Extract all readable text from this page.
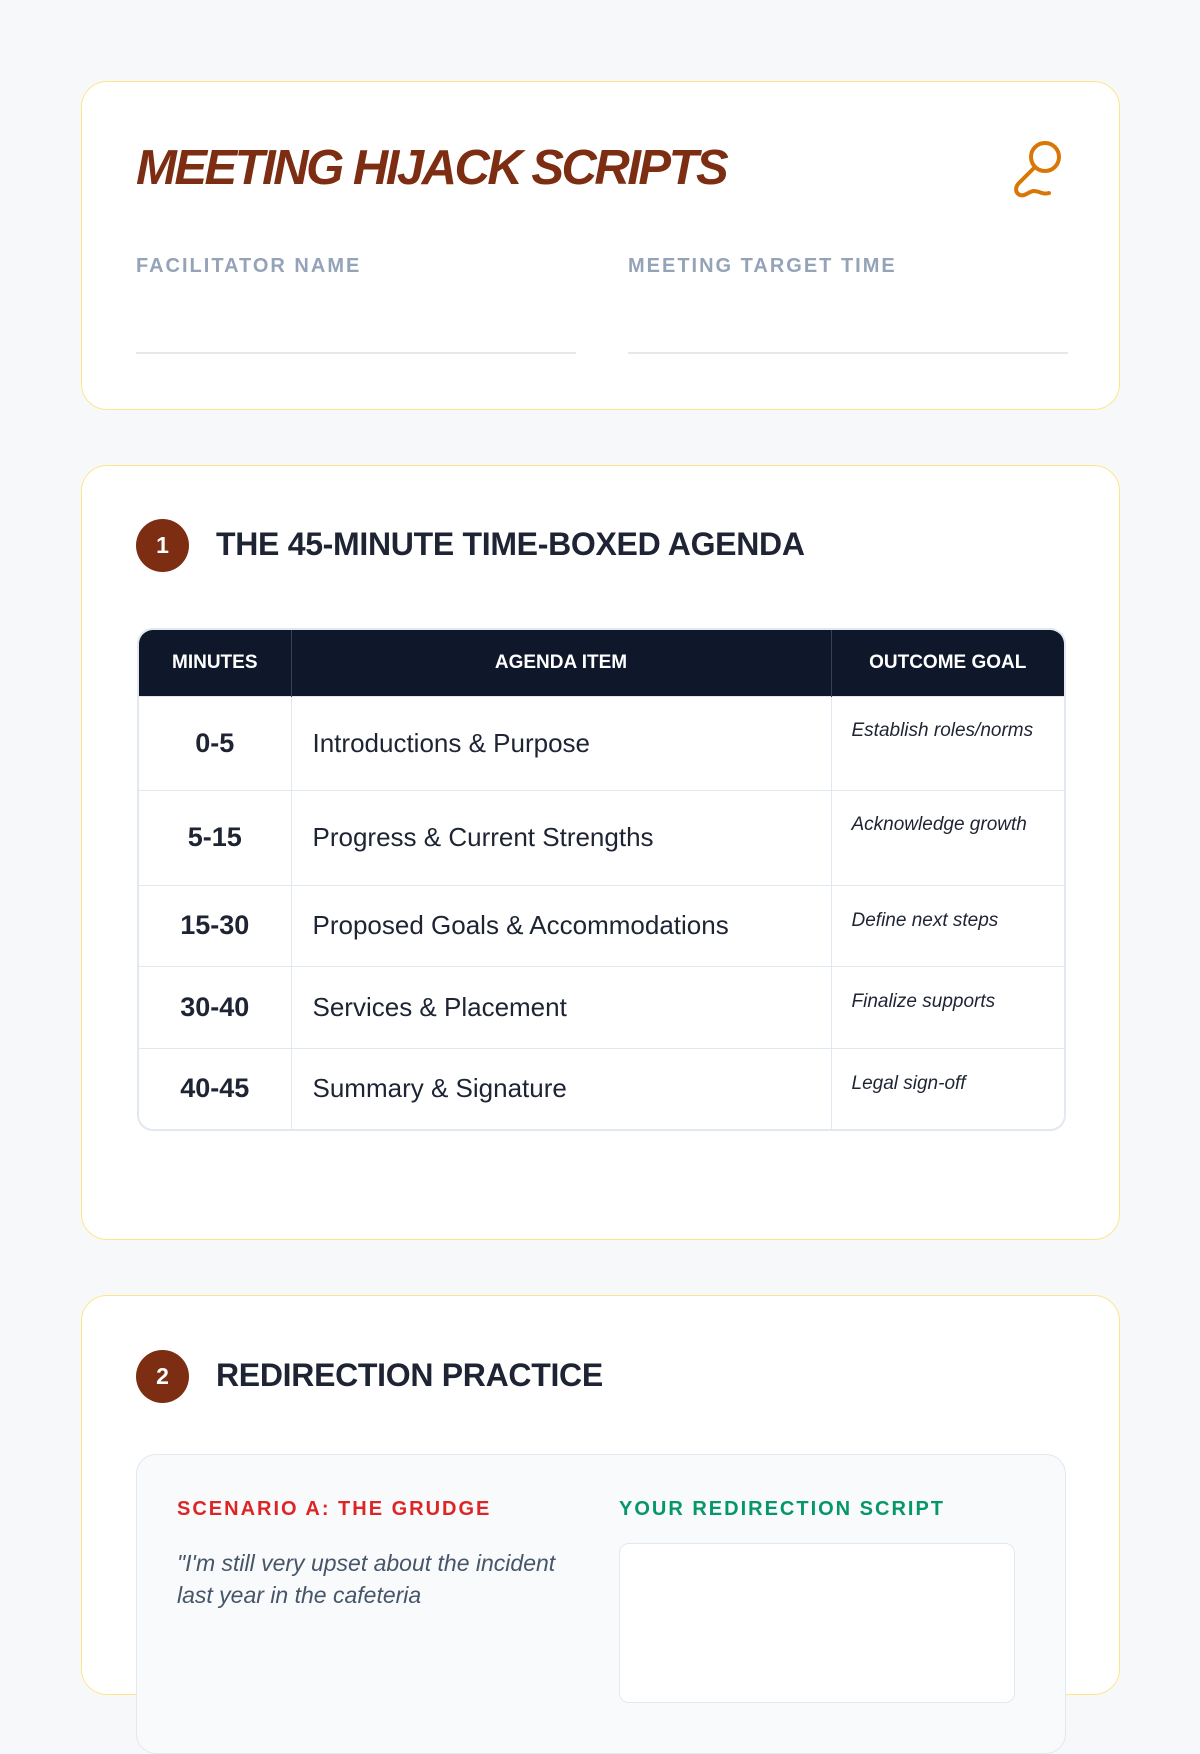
MEETING HIJACK SCRIPTS
FACILITATOR NAME	MEETING TARGET TIME
1	THE 45-MINUTE TIME-BOXED AGENDA
MINUTES	AGENDA ITEM	OUTCOME GOAL
0-5	Introductions & Purpose	Establish roles/norms
5-15	Progress & Current Strengths	Acknowledge growth
15-30	Proposed Goals & Accommodations	Define next steps
30-40	Services & Placement	Finalize supports
40-45	Summary & Signature	Legal sign-off
2	REDIRECTION PRACTICE
SCENARIO A: THE GRUDGE
"I'm still very upset about the incident last year in the cafeteria
YOUR REDIRECTION SCRIPT
